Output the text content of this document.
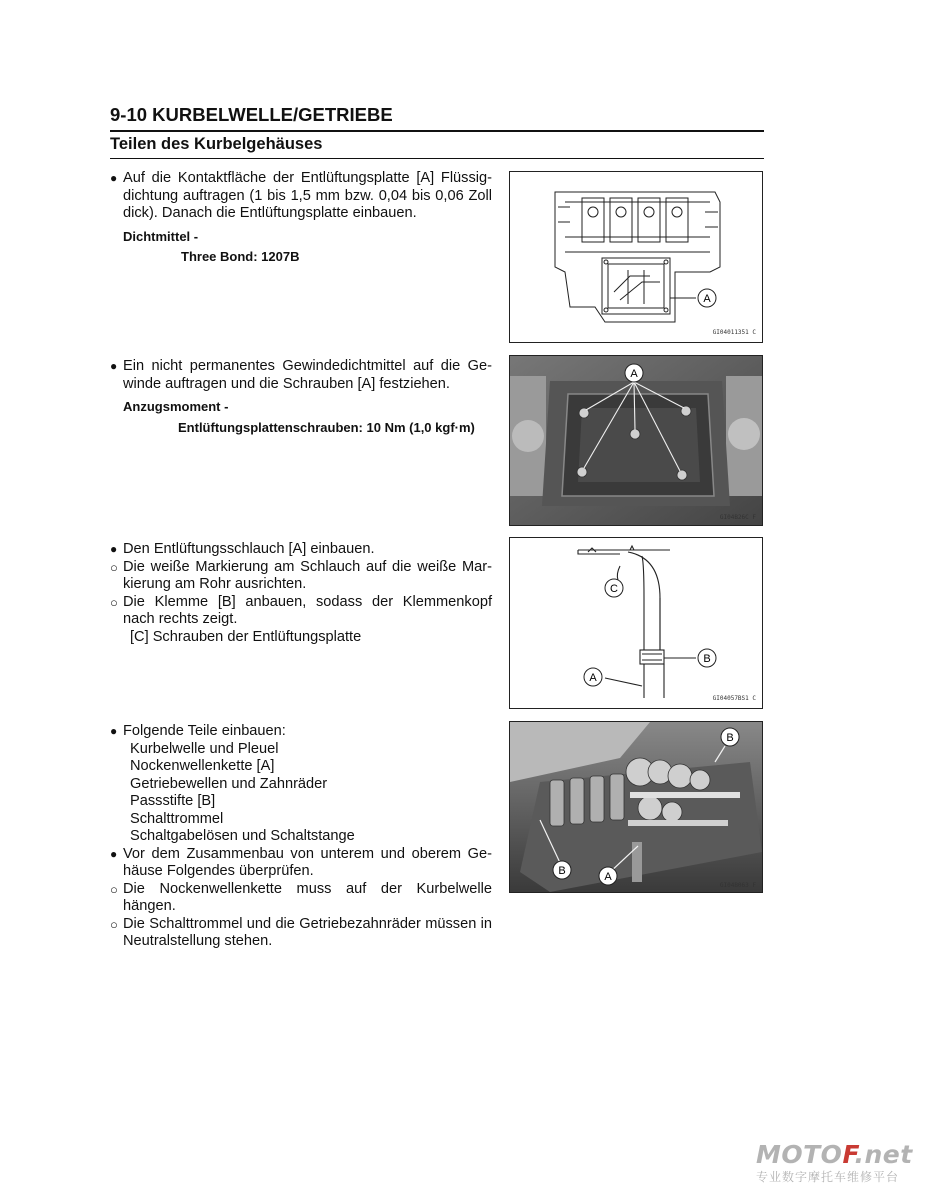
9-10 KURBELWELLE/GETRIEBE
Teilen des Kurbelgehäuses
● Auf die Kontaktfläche der Entlüftungsplatte [A] Flüssig-dichtung auftragen (1 bis 1,5 mm bzw. 0,04 bis 0,06 Zoll dick). Danach die Entlüftungsplatte einbauen.
Dichtmittel -
Three Bond: 1207B
● Ein nicht permanentes Gewindedichtmittel auf die Ge-winde auftragen und die Schrauben [A] festziehen.
Anzugsmoment -
Entlüftungsplattenschrauben: 10 Nm (1,0 kgf·m)
● Den Entlüftungsschlauch [A] einbauen.
○ Die weiße Markierung am Schlauch auf die weiße Mar-kierung am Rohr ausrichten.
○ Die Klemme [B] anbauen, sodass der Klemmenkopf nach rechts zeigt.
[C] Schrauben der Entlüftungsplatte
● Folgende Teile einbauen:
Kurbelwelle und Pleuel
Nockenwellenkette [A]
Getriebewellen und Zahnräder
Passstifte [B]
Schalttrommel
Schaltgabelösen und Schaltstange
● Vor dem Zusammenbau von unterem und oberem Ge-häuse Folgendes überprüfen.
○ Die Nockenwellenkette muss auf der Kurbelwelle hängen.
○ Die Schalttrommel und die Getriebezahnräder müssen in Neutralstellung stehen.
A
GI04011351 C
A
GI04B26C F
C
B
A
GI04057BS1 C
B
B	A
GI04B063 F
MOTOF.net
专业数字摩托车维修平台
